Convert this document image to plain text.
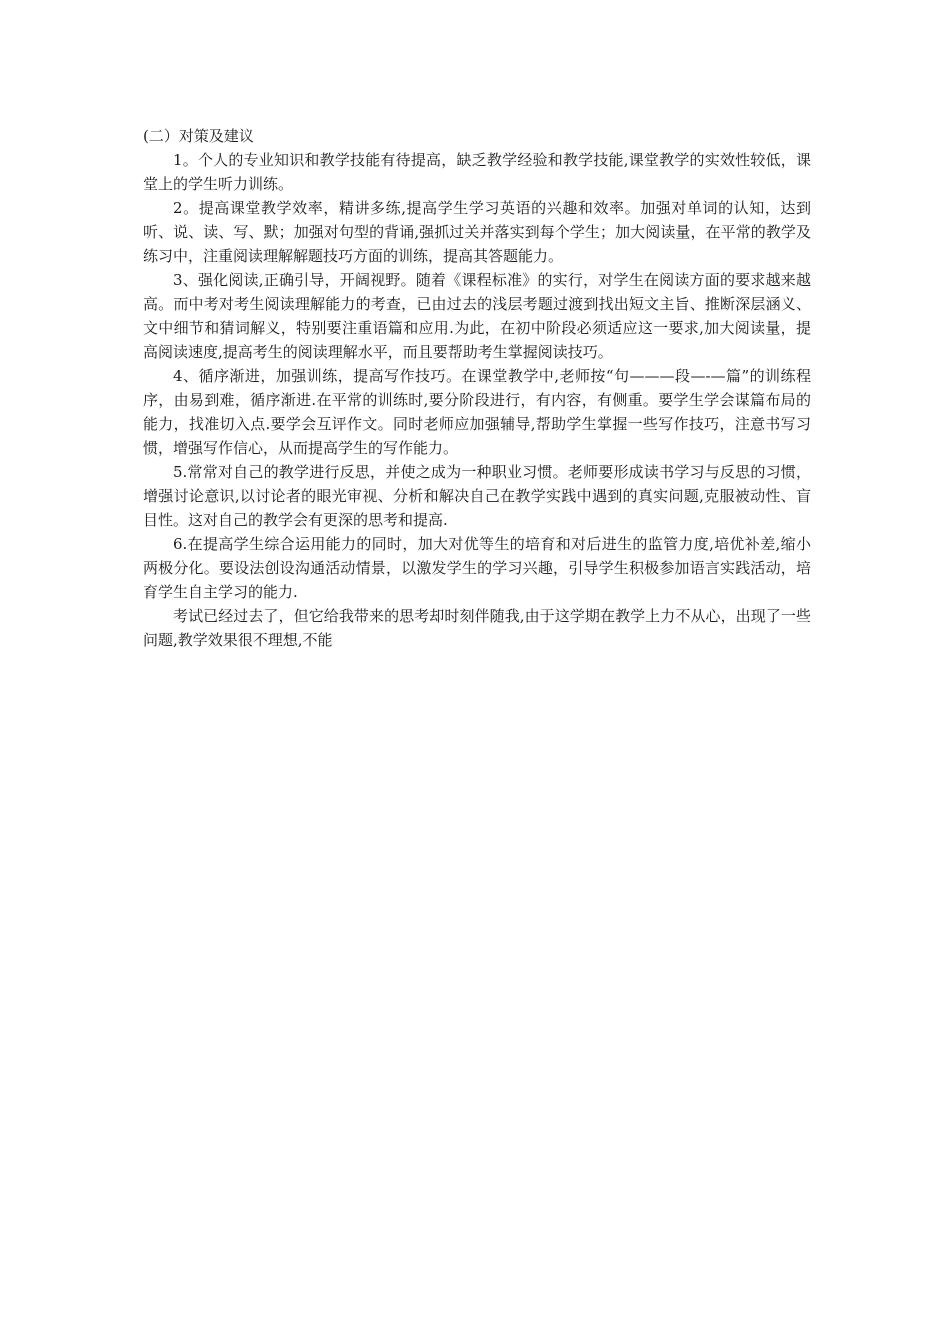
(二）对策及建议

1。个人的专业知识和教学技能有待提高，缺乏教学经验和教学技能,课堂教学的实效性较低，课堂上的学生听力训练。

2。提高课堂教学效率，精讲多练,提高学生学习英语的兴趣和效率。加强对单词的认知，达到听、说、读、写、默；加强对句型的背诵,强抓过关并落实到每个学生；加大阅读量，在平常的教学及练习中，注重阅读理解解题技巧方面的训练，提高其答题能力。

3、强化阅读,正确引导，开阔视野。随着《课程标准》的实行，对学生在阅读方面的要求越来越高。而中考对考生阅读理解能力的考查，已由过去的浅层考题过渡到找出短文主旨、推断深层涵义、文中细节和猜词解义，特别要注重语篇和应用.为此，在初中阶段必须适应这一要求,加大阅读量，提高阅读速度,提高考生的阅读理解水平，而且要帮助考生掌握阅读技巧。

4、循序渐进，加强训练，提高写作技巧。在课堂教学中,老师按“句———段—-—篇”的训练程序，由易到难，循序渐进.在平常的训练时,要分阶段进行，有内容，有侧重。要学生学会谋篇布局的能力，找准切入点.要学会互评作文。同时老师应加强辅导,帮助学生掌握一些写作技巧，注意书写习惯，增强写作信心，从而提高学生的写作能力。

5.常常对自己的教学进行反思，并使之成为一种职业习惯。老师要形成读书学习与反思的习惯，增强讨论意识,以讨论者的眼光审视、分析和解决自己在教学实践中遇到的真实问题,克服被动性、盲目性。这对自己的教学会有更深的思考和提高.

6.在提高学生综合运用能力的同时，加大对优等生的培育和对后进生的监管力度,培优补差,缩小两极分化。要设法创设沟通活动情景，以激发学生的学习兴趣，引导学生积极参加语言实践活动，培育学生自主学习的能力.

考试已经过去了，但它给我带来的思考却时刻伴随我,由于这学期在教学上力不从心，出现了一些问题,教学效果很不理想,不能
